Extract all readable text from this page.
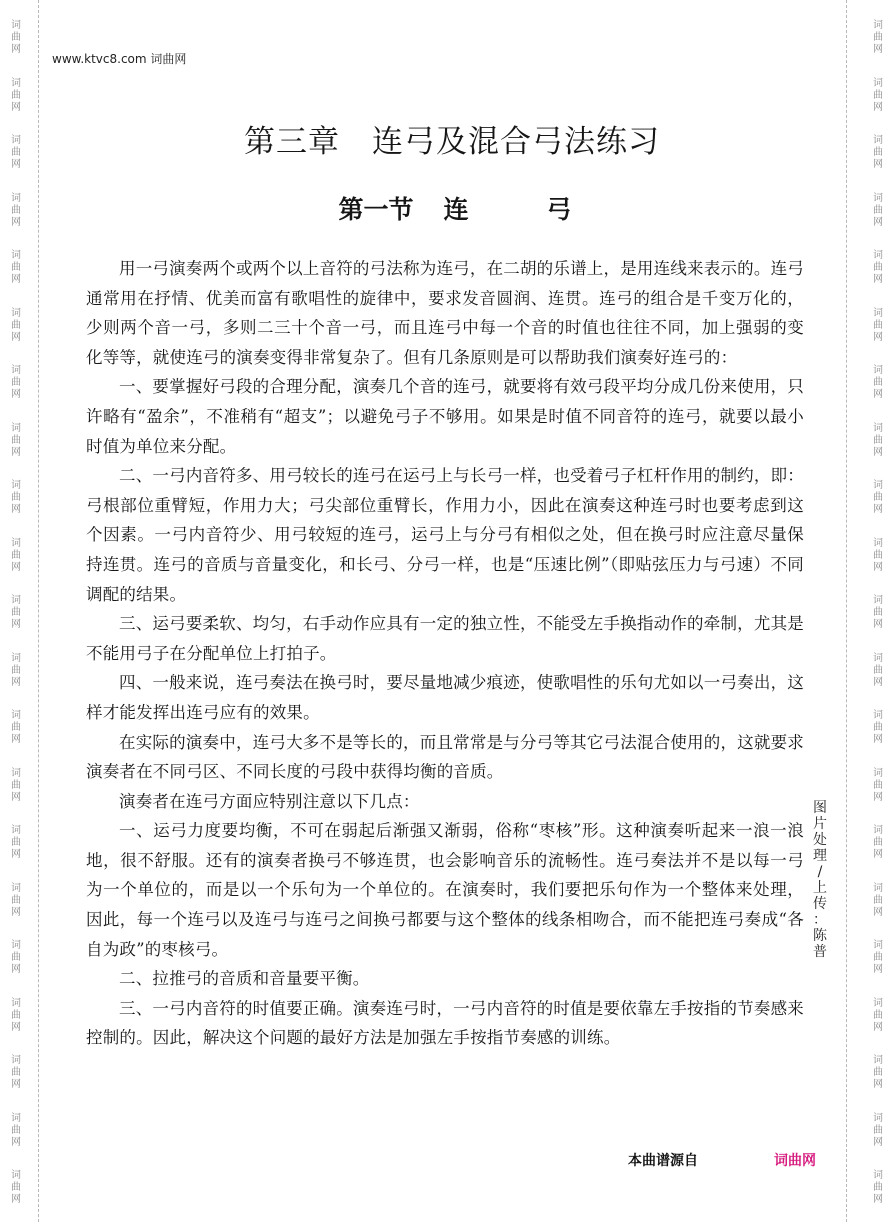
词
曲
网
词
曲
网
词
曲
网
词
曲
网
词
曲
网
词
曲
网
词
曲
网
词
曲
网
词
曲
网
词
曲
网
词
曲
网
词
曲
网
词
曲
网
词
曲
网
词
曲
网
词
曲
网
词
曲
网
词
曲
网
词
曲
网
词
曲
网
词
曲
网
词
曲
网
词
曲
网
词
曲
网
词
曲
网
词
曲
网
词
曲
网
词
曲
网
词
曲
网
词
曲
网
词
曲
网
词
曲
网
词
曲
网
词
曲
网
词
曲
网
词
曲
网
词
曲
网
词
曲
网
词
曲
网
词
曲
网
词
曲
网
词
曲
网
www.ktvc8.com 词曲网
第三章　连弓及混合弓法练习
第一节 连	弓

用一弓演奏两个或两个以上音符的弓法称为连弓，在二胡的乐谱上，是用连线来表示的。连弓通常用在抒情、优美而富有歌唱性的旋律中，要求发音圆润、连贯。连弓的组合是千变万化的，少则两个音一弓，多则二三十个音一弓，而且连弓中每一个音的时值也往往不同，加上强弱的变化等等，就使连弓的演奏变得非常复杂了。但有几条原则是可以帮助我们演奏好连弓的：

一、要掌握好弓段的合理分配，演奏几个音的连弓，就要将有效弓段平均分成几份来使用，只许略有“盈余”，不准稍有“超支”；以避免弓子不够用。如果是时值不同音符的连弓，就要以最小时值为单位来分配。

二、一弓内音符多、用弓较长的连弓在运弓上与长弓一样，也受着弓子杠杆作用的制约，即：弓根部位重臂短，作用力大；弓尖部位重臂长，作用力小，因此在演奏这种连弓时也要考虑到这个因素。一弓内音符少、用弓较短的连弓，运弓上与分弓有相似之处，但在换弓时应注意尽量保持连贯。连弓的音质与音量变化，和长弓、分弓一样，也是“压速比例”（即贴弦压力与弓速）不同调配的结果。

三、运弓要柔软、均匀，右手动作应具有一定的独立性，不能受左手换指动作的牵制，尤其是不能用弓子在分配单位上打拍子。

四、一般来说，连弓奏法在换弓时，要尽量地减少痕迹，使歌唱性的乐句尤如以一弓奏出，这样才能发挥出连弓应有的效果。

在实际的演奏中，连弓大多不是等长的，而且常常是与分弓等其它弓法混合使用的，这就要求演奏者在不同弓区、不同长度的弓段中获得均衡的音质。

演奏者在连弓方面应特别注意以下几点：

一、运弓力度要均衡，不可在弱起后渐强又渐弱，俗称“枣核”形。这种演奏听起来一浪一浪地，很不舒服。还有的演奏者换弓不够连贯，也会影响音乐的流畅性。连弓奏法并不是以每一弓为一个单位的，而是以一个乐句为一个单位的。在演奏时，我们要把乐句作为一个整体来处理，因此，每一个连弓以及连弓与连弓之间换弓都要与这个整体的线条相吻合，而不能把连弓奏成“各自为政”的枣核弓。

二、拉推弓的音质和音量要平衡。

三、一弓内音符的时值要正确。演奏连弓时，一弓内音符的时值是要依靠左手按指的节奏感来控制的。因此，解决这个问题的最好方法是加强左手按指节奏感的训练。

图
片
处
理
/
上
传
：
陈
普
本曲谱源自	词曲网
